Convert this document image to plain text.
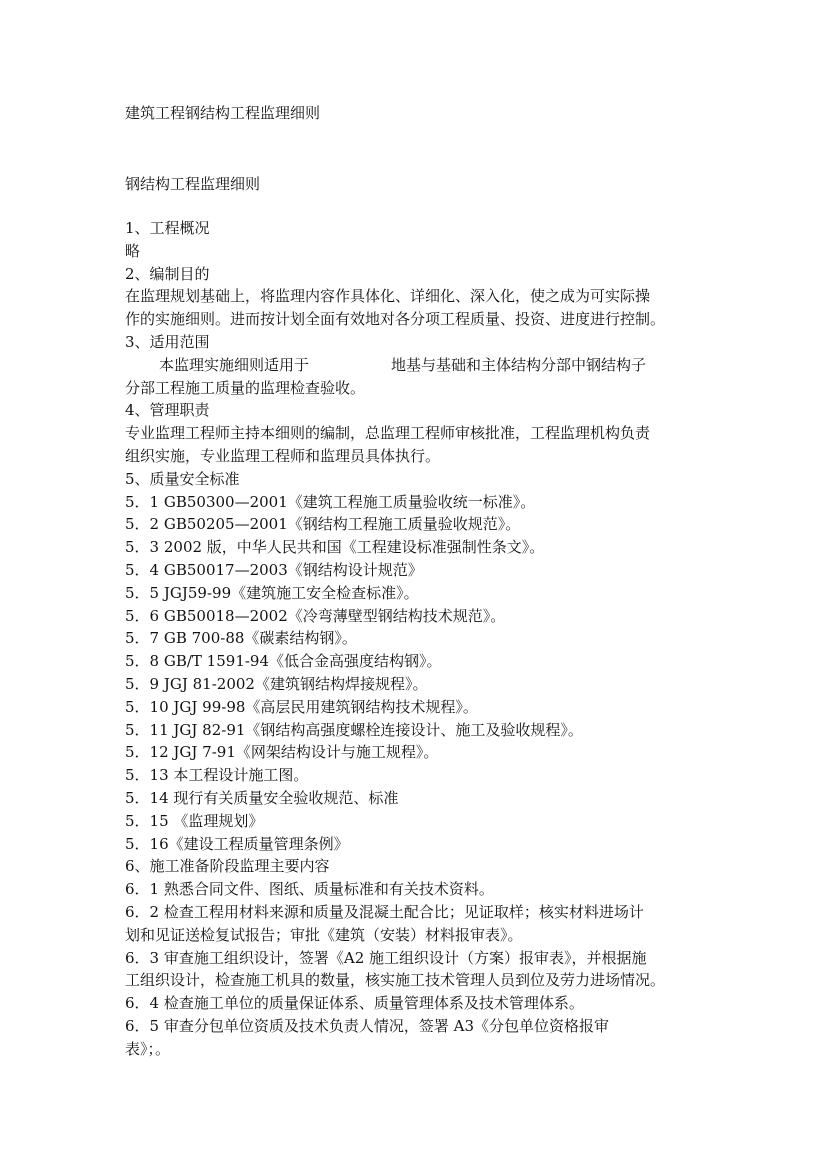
建筑工程钢结构工程监理细则
钢结构工程监理细则
1、工程概况
略
2、编制目的
在监理规划基础上，将监理内容作具体化、详细化、深入化，使之成为可实际操
作的实施细则。进而按计划全面有效地对各分项工程质量、投资、进度进行控制。
3、适用范围
本监理实施细则适用于	地基与基础和主体结构分部中钢结构子
分部工程施工质量的监理检查验收。
4、管理职责
专业监理工程师主持本细则的编制，总监理工程师审核批准，工程监理机构负责
组织实施，专业监理工程师和监理员具体执行。
5、质量安全标准
5．1 GB50300—2001《建筑工程施工质量验收统一标准》。
5．2 GB50205—2001《钢结构工程施工质量验收规范》。
5．3 2002 版，中华人民共和国《工程建设标准强制性条文》。
5．4 GB50017—2003《钢结构设计规范》
5．5 JGJ59-99《建筑施工安全检查标准》。
5．6 GB50018—2002《冷弯薄壁型钢结构技术规范》。
5．7 GB 700-88《碳素结构钢》。
5．8 GB/T 1591-94《低合金高强度结构钢》。
5．9 JGJ 81-2002《建筑钢结构焊接规程》。
5．10 JGJ 99-98《高层民用建筑钢结构技术规程》。
5．11 JGJ 82-91《钢结构高强度螺栓连接设计、施工及验收规程》。
5．12 JGJ 7-91《网架结构设计与施工规程》。
5．13 本工程设计施工图。
5．14 现行有关质量安全验收规范、标准
5．15 《监理规划》
5．16《建设工程质量管理条例》
6、施工准备阶段监理主要内容
6．1 熟悉合同文件、图纸、质量标准和有关技术资料。
6．2 检查工程用材料来源和质量及混凝土配合比；见证取样；核实材料进场计
划和见证送检复试报告；审批《建筑（安装）材料报审表》。
6．3 审查施工组织设计，签署《A2 施工组织设计（方案）报审表》，并根据施
工组织设计，检查施工机具的数量，核实施工技术管理人员到位及劳力进场情况。
6．4 检查施工单位的质量保证体系、质量管理体系及技术管理体系。
6．5 审查分包单位资质及技术负责人情况，签署 A3《分包单位资格报审
表》；。
